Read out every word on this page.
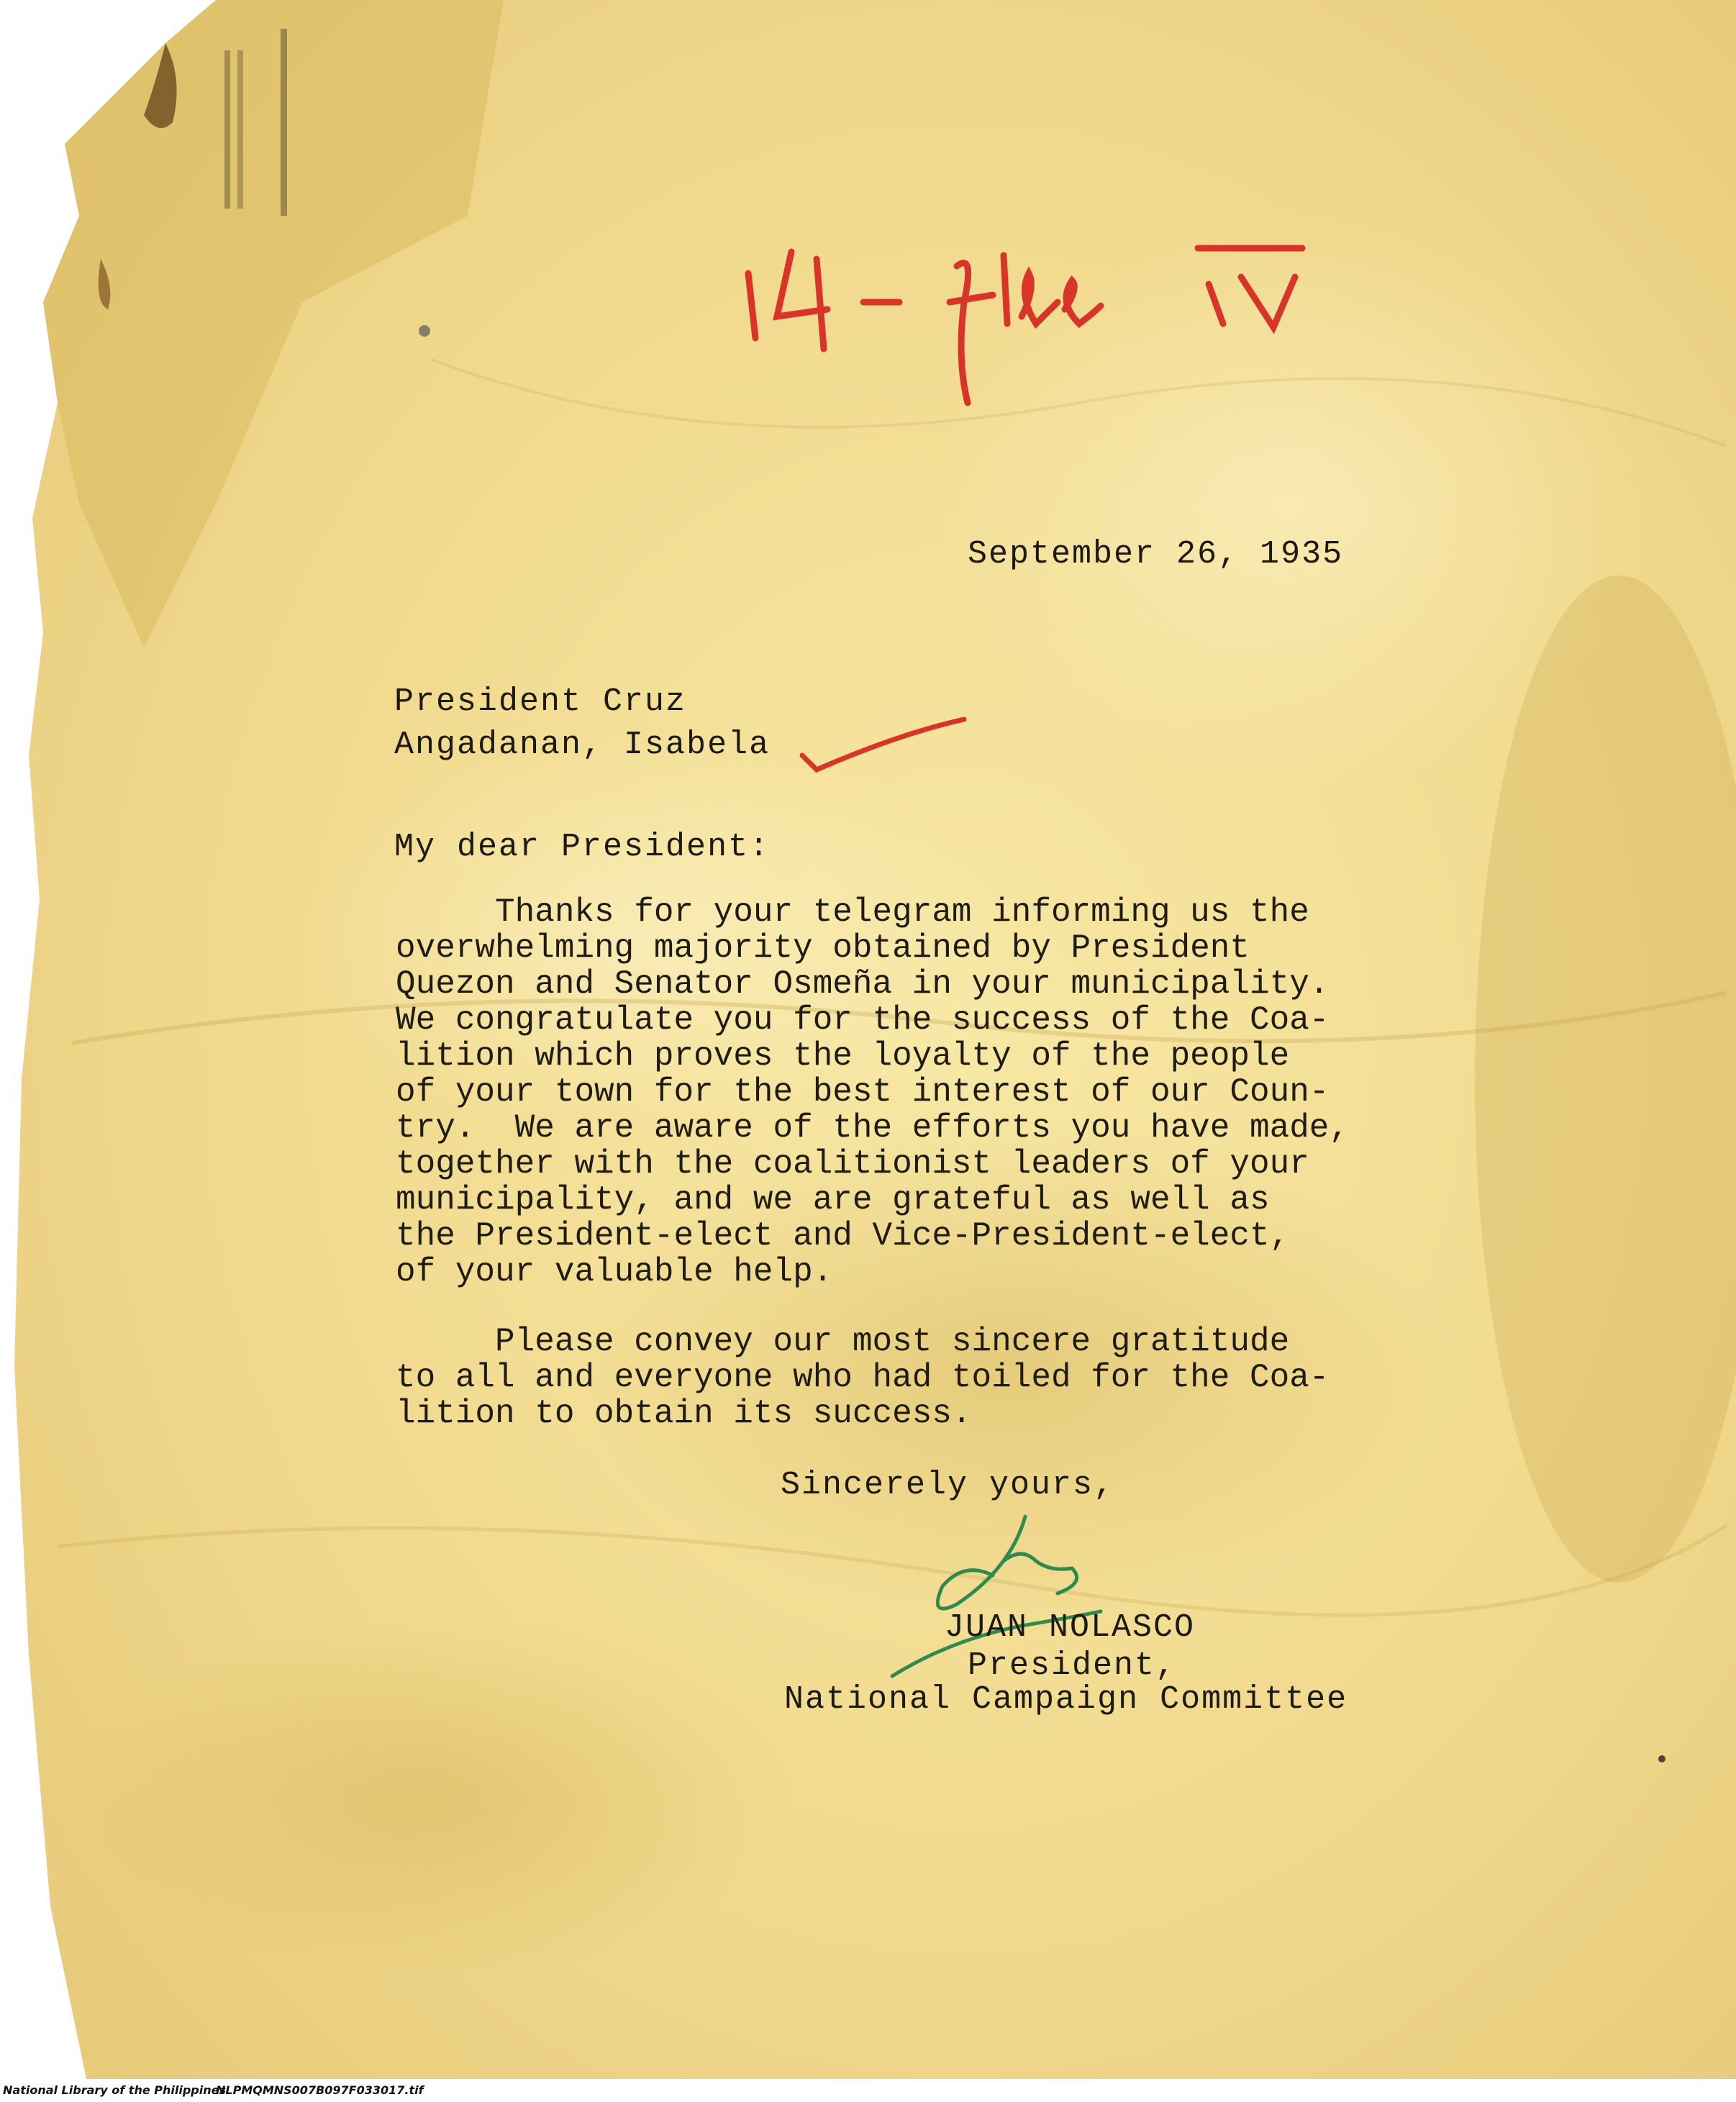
September 26, 1935
President Cruz
Angadanan, Isabela
My dear President:
Thanks for your telegram informing us the
overwhelming majority obtained by President
Quezon and Senator Osmeña in your municipality.
We congratulate you for the success of the Coa-
lition which proves the loyalty of the people
of your town for the best interest of our Coun-
try.  We are aware of the efforts you have made,
together with the coalitionist leaders of your
municipality, and we are grateful as well as
the President-elect and Vice-President-elect,
of your valuable help.
Please convey our most sincere gratitude
to all and everyone who had toiled for the Coa-
lition to obtain its success.
Sincerely yours,
JUAN NOLASCO
President,
National Campaign Committee
National Library of the Philippines
NLPMQMNS007B097F033017.tif
